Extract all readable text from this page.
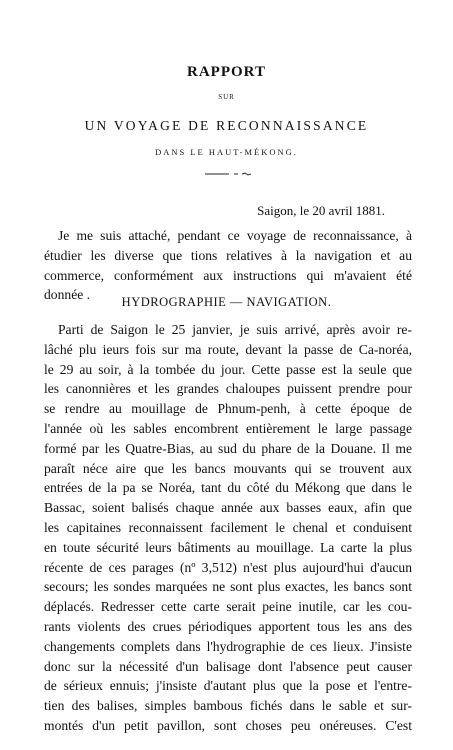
RAPPORT
SUR
UN VOYAGE DE RECONNAISSANCE
DANS LE HAUT-MÉKONG.
Saigon, le 20 avril 1881.
Je me suis attaché, pendant ce voyage de reconnaissance, à
étudier les diverse que tions relatives à la navigation et au
commerce, conformément aux instructions qui m'avaient été
donnée .	HYDROGRAPHIE — NAVIGATION.
Parti de Saigon le 25 janvier, je suis arrivé, après avoir re-
lâché plu ieurs fois sur ma route, devant la passe de Ca-noréa,
le 29 au soir, à la tombée du jour. Cette passe est la seule que
les canonnières et les grandes chaloupes puissent prendre pour
se rendre au mouillage de Phnum-penh, à cette époque de
l'année où les sables encombrent entièrement le large passage
formé par les Quatre-Bias, au sud du phare de la Douane. Il me
paraît néce aire que les bancs mouvants qui se trouvent aux
entrées de la pa se Noréa, tant du côté du Mékong que dans le
Bassac, soient balisés chaque année aux basses eaux, afin que
les capitaines reconnaissent facilement le chenal et conduisent
en toute sécurité leurs bâtiments au mouillage. La carte la plus
récente de ces parages (nº 3,512) n'est plus aujourd'hui d'aucun
secours; les sondes marquées ne sont plus exactes, les bancs sont
déplacés. Redresser cette carte serait peine inutile, car les cou-
rants violents des crues périodiques apportent tous les ans des
changements complets dans l'hydrographie de ces lieux. J'insiste
donc sur la nécessité d'un balisage dont l'absence peut causer
de sérieux ennuis; j'insiste d'autant plus que la pose et l'entre-
tien des balises, simples bambous fichés dans le sable et sur-
montés d'un petit pavillon, sont choses peu onéreuses. C'est
